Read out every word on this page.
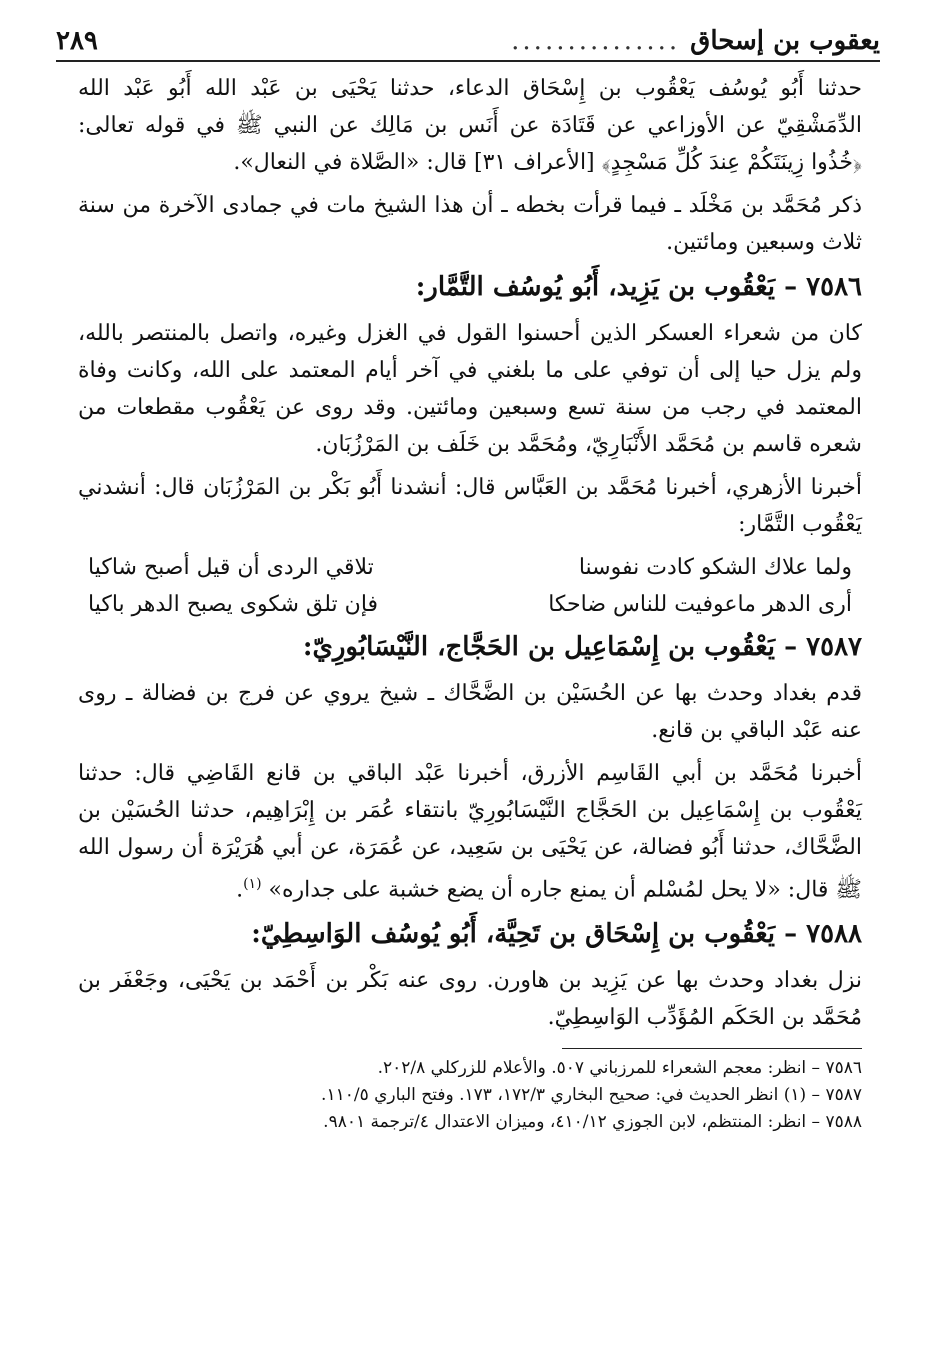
يعقوب بن إسحاق
...............
٢٨٩

حدثنا أَبُو يُوسُف يَعْقُوب بن إِسْحَاق الدعاء، حدثنا يَحْيَى بن عَبْد الله أَبُو عَبْد الله الدِّمَشْقِيّ عن الأوزاعي عن قَتَادَة عن أَنَس بن مَالِك عن النبي ﷺ في قوله تعالى: ﴿خُذُوا زِينَتَكُمْ عِندَ كُلِّ مَسْجِدٍ﴾ [الأعراف ٣١] قال: «الصَّلاة في النعال».

ذكر مُحَمَّد بن مَخْلَد ـ فيما قرأت بخطه ـ أن هذا الشيخ مات في جمادى الآخرة من سنة ثلاث وسبعين ومائتين.

٧٥٨٦ – يَعْقُوب بن يَزِيد، أَبُو يُوسُف التَّمَّار:

كان من شعراء العسكر الذين أحسنوا القول في الغزل وغيره، واتصل بالمنتصر بالله، ولم يزل حيا إلى أن توفي على ما بلغني في آخر أيام المعتمد على الله، وكانت وفاة المعتمد في رجب من سنة تسع وسبعين ومائتين. وقد روى عن يَعْقُوب مقطعات من شعره قاسم بن مُحَمَّد الأَنْبَارِيّ، ومُحَمَّد بن خَلَف بن المَرْزُبَان.

أخبرنا الأزهري، أخبرنا مُحَمَّد بن العَبَّاس قال: أنشدنا أَبُو بَكْر بن المَرْزُبَان قال: أنشدني يَعْقُوب التَّمَّار:

ولما علاك الشكو كادت نفوسنا
تلاقي الردى أن قيل أصبح شاكيا
أرى الدهر ماعوفيت للناس ضاحكا
فإن تلق شكوى يصبح الدهر باكيا
٧٥٨٧ – يَعْقُوب بن إِسْمَاعِيل بن الحَجَّاج، النَّيْسَابُورِيّ:

قدم بغداد وحدث بها عن الحُسَيْن بن الضَّحَّاك ـ شيخ يروي عن فرج بن فضالة ـ روى عنه عَبْد الباقي بن قانع.

أخبرنا مُحَمَّد بن أبي القَاسِم الأزرق، أخبرنا عَبْد الباقي بن قانع القَاضِي قال: حدثنا يَعْقُوب بن إِسْمَاعِيل بن الحَجَّاج النَّيْسَابُورِيّ بانتقاء عُمَر بن إِبْرَاهِيم، حدثنا الحُسَيْن بن الضَّحَّاك، حدثنا أَبُو فضالة، عن يَحْيَى بن سَعِيد، عن عُمَرَة، عن أبي هُرَيْرَة أن رسول الله ﷺ قال: «لا يحل لمُسْلم أن يمنع جاره أن يضع خشبة على جداره» $^{(١)}$.

٧٥٨٨ – يَعْقُوب بن إِسْحَاق بن تَحِيَّة، أَبُو يُوسُف الوَاسِطِيّ:

نزل بغداد وحدث بها عن يَزِيد بن هاورن. روى عنه بَكْر بن أَحْمَد بن يَحْيَى، وجَعْفَر بن مُحَمَّد بن الحَكَم المُؤَدِّب الوَاسِطِيّ.

٧٥٨٦ – انظر: معجم الشعراء للمرزباني ٥٠٧. والأعلام للزركلي ٢٠٢/٨.

٧٥٨٧ – (١) انظر الحديث في: صحيح البخاري ١٧٢/٣، ١٧٣. وفتح الباري ١١٠/٥.

٧٥٨٨ – انظر: المنتظم، لابن الجوزي ٤١٠/١٢، وميزان الاعتدال ٤/ترجمة ٩٨٠١.
